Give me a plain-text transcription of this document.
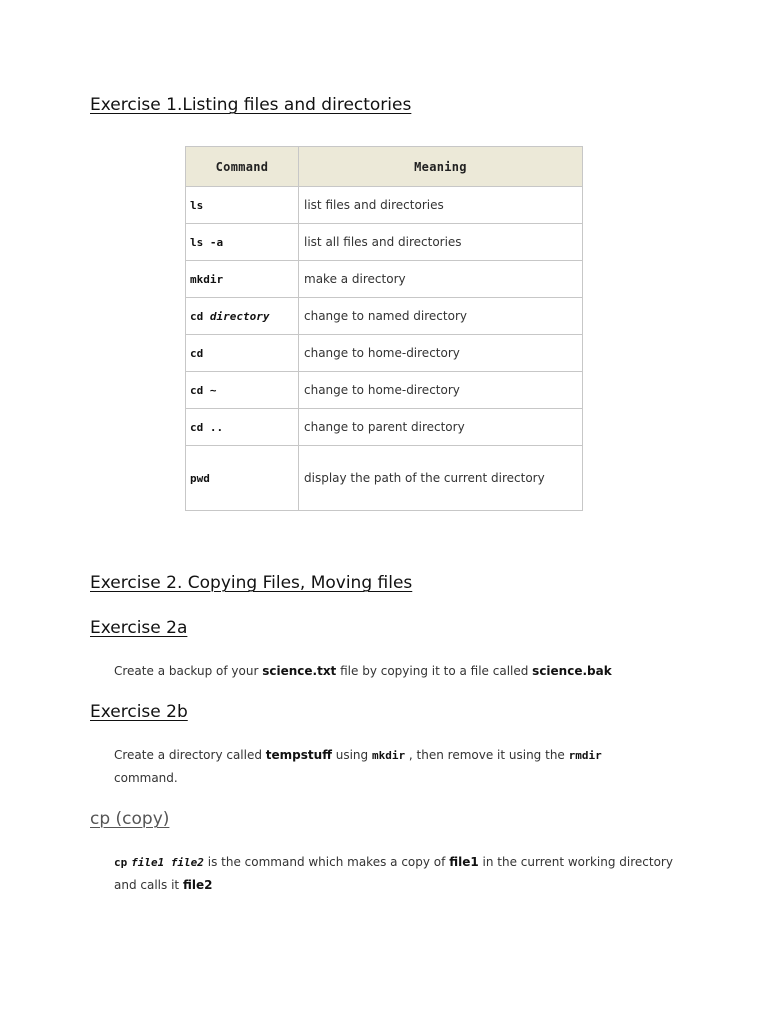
Exercise 1.Listing files and directories
Command	Meaning
ls	list files and directories
ls -a	list all files and directories
mkdir	make a directory
cd directory	change to named directory
cd	change to home-directory
cd ~	change to home-directory
cd ..	change to parent directory
pwd	display the path of the current directory
Exercise 2. Copying Files, Moving files
Exercise 2a

Create a backup of your science.txt file by copying it to a file called science.bak

Exercise 2b

Create a directory called tempstuff using mkdir , then remove it using the rmdir
command.

cp (copy)

cp file1 file2 is the command which makes a copy of file1 in the current working directory and calls it file2
